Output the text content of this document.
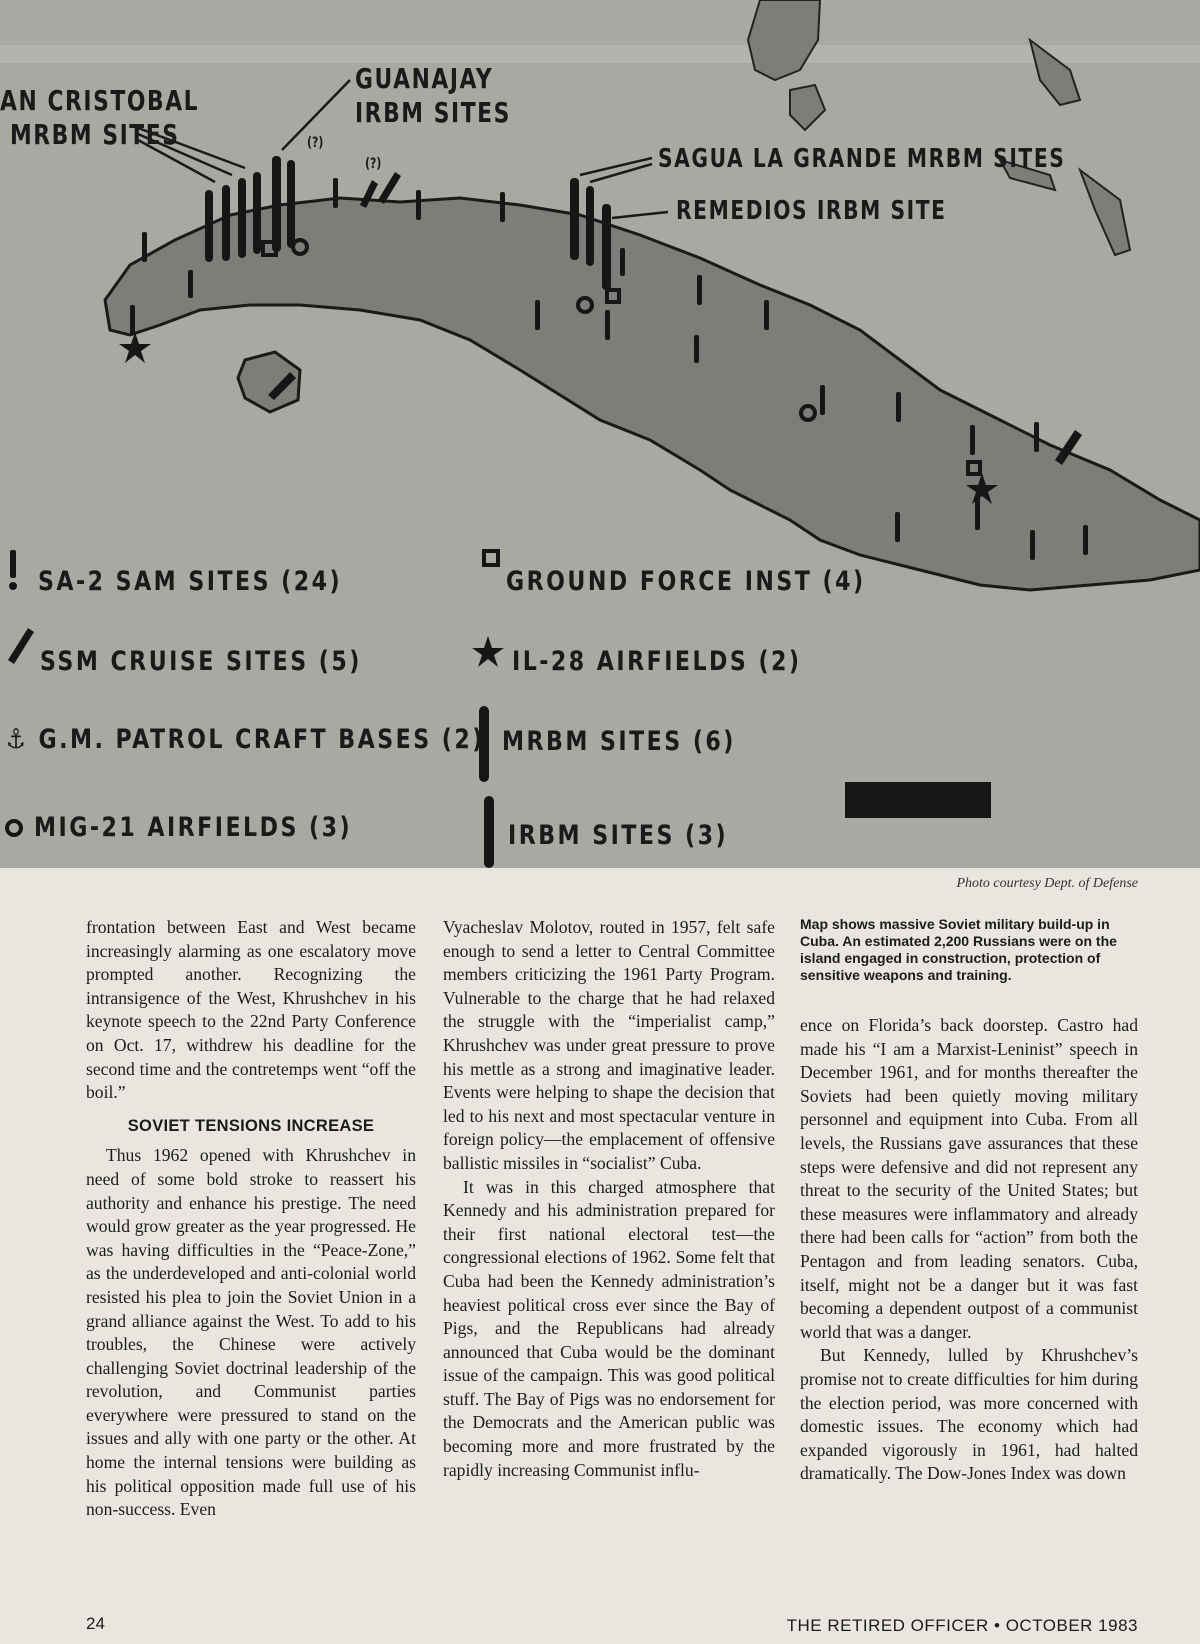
AN CRISTOBAL
MRBM SITES
GUANAJAY
IRBM SITES
SAGUA LA GRANDE MRBM SITES
REMEDIOS IRBM SITE
(?)
(?)
SA-2 SAM SITES (24)
SSM CRUISE SITES (5)
⚓ G.M. PATROL CRAFT BASES (2)
MIG-21 AIRFIELDS (3)
GROUND FORCE INST (4)
IL-28 AIRFIELDS (2)
MRBM SITES (6)
IRBM SITES (3)
Photo courtesy Dept. of Defense

frontation between East and West became increasingly alarming as one escalatory move prompted another. Recognizing the intransigence of the West, Khrushchev in his keynote speech to the 22nd Party Conference on Oct. 17, withdrew his deadline for the second time and the contretemps went “off the boil.”

SOVIET TENSIONS INCREASE

Thus 1962 opened with Khrushchev in need of some bold stroke to reassert his authority and enhance his prestige. The need would grow greater as the year progressed. He was having difficulties in the “Peace-Zone,” as the underdeveloped and anti-colonial world resisted his plea to join the Soviet Union in a grand alliance against the West. To add to his troubles, the Chinese were actively challenging Soviet doctrinal leadership of the revolution, and Communist parties everywhere were pressured to stand on the issues and ally with one party or the other. At home the internal tensions were building as his political opposition made full use of his non-success. Even

Vyacheslav Molotov, routed in 1957, felt safe enough to send a letter to Central Committee members criticizing the 1961 Party Program. Vulnerable to the charge that he had relaxed the struggle with the “imperialist camp,” Khrushchev was under great pressure to prove his mettle as a strong and imaginative leader. Events were helping to shape the decision that led to his next and most spectacular venture in foreign policy—the emplacement of offensive ballistic missiles in “socialist” Cuba.

It was in this charged atmosphere that Kennedy and his administration prepared for their first national electoral test—the congressional elections of 1962. Some felt that Cuba had been the Kennedy administration’s heaviest political cross ever since the Bay of Pigs, and the Republicans had already announced that Cuba would be the dominant issue of the campaign. This was good political stuff. The Bay of Pigs was no endorsement for the Democrats and the American public was becoming more and more frustrated by the rapidly increasing Communist influ-

Map shows massive Soviet military build-up in Cuba. An estimated 2,200 Russians were on the island engaged in construction, protection of sensitive weapons and training.

ence on Florida’s back doorstep. Castro had made his “I am a Marxist-Leninist” speech in December 1961, and for months thereafter the Soviets had been quietly moving military personnel and equipment into Cuba. From all levels, the Russians gave assurances that these steps were defensive and did not represent any threat to the security of the United States; but these measures were inflammatory and already there had been calls for “action” from both the Pentagon and from leading senators. Cuba, itself, might not be a danger but it was fast becoming a dependent outpost of a communist world that was a danger.

But Kennedy, lulled by Khrushchev’s promise not to create difficulties for him during the election period, was more concerned with domestic issues. The economy which had expanded vigorously in 1961, had halted dramatically. The Dow-Jones Index was down

24	THE RETIRED OFFICER • OCTOBER 1983
